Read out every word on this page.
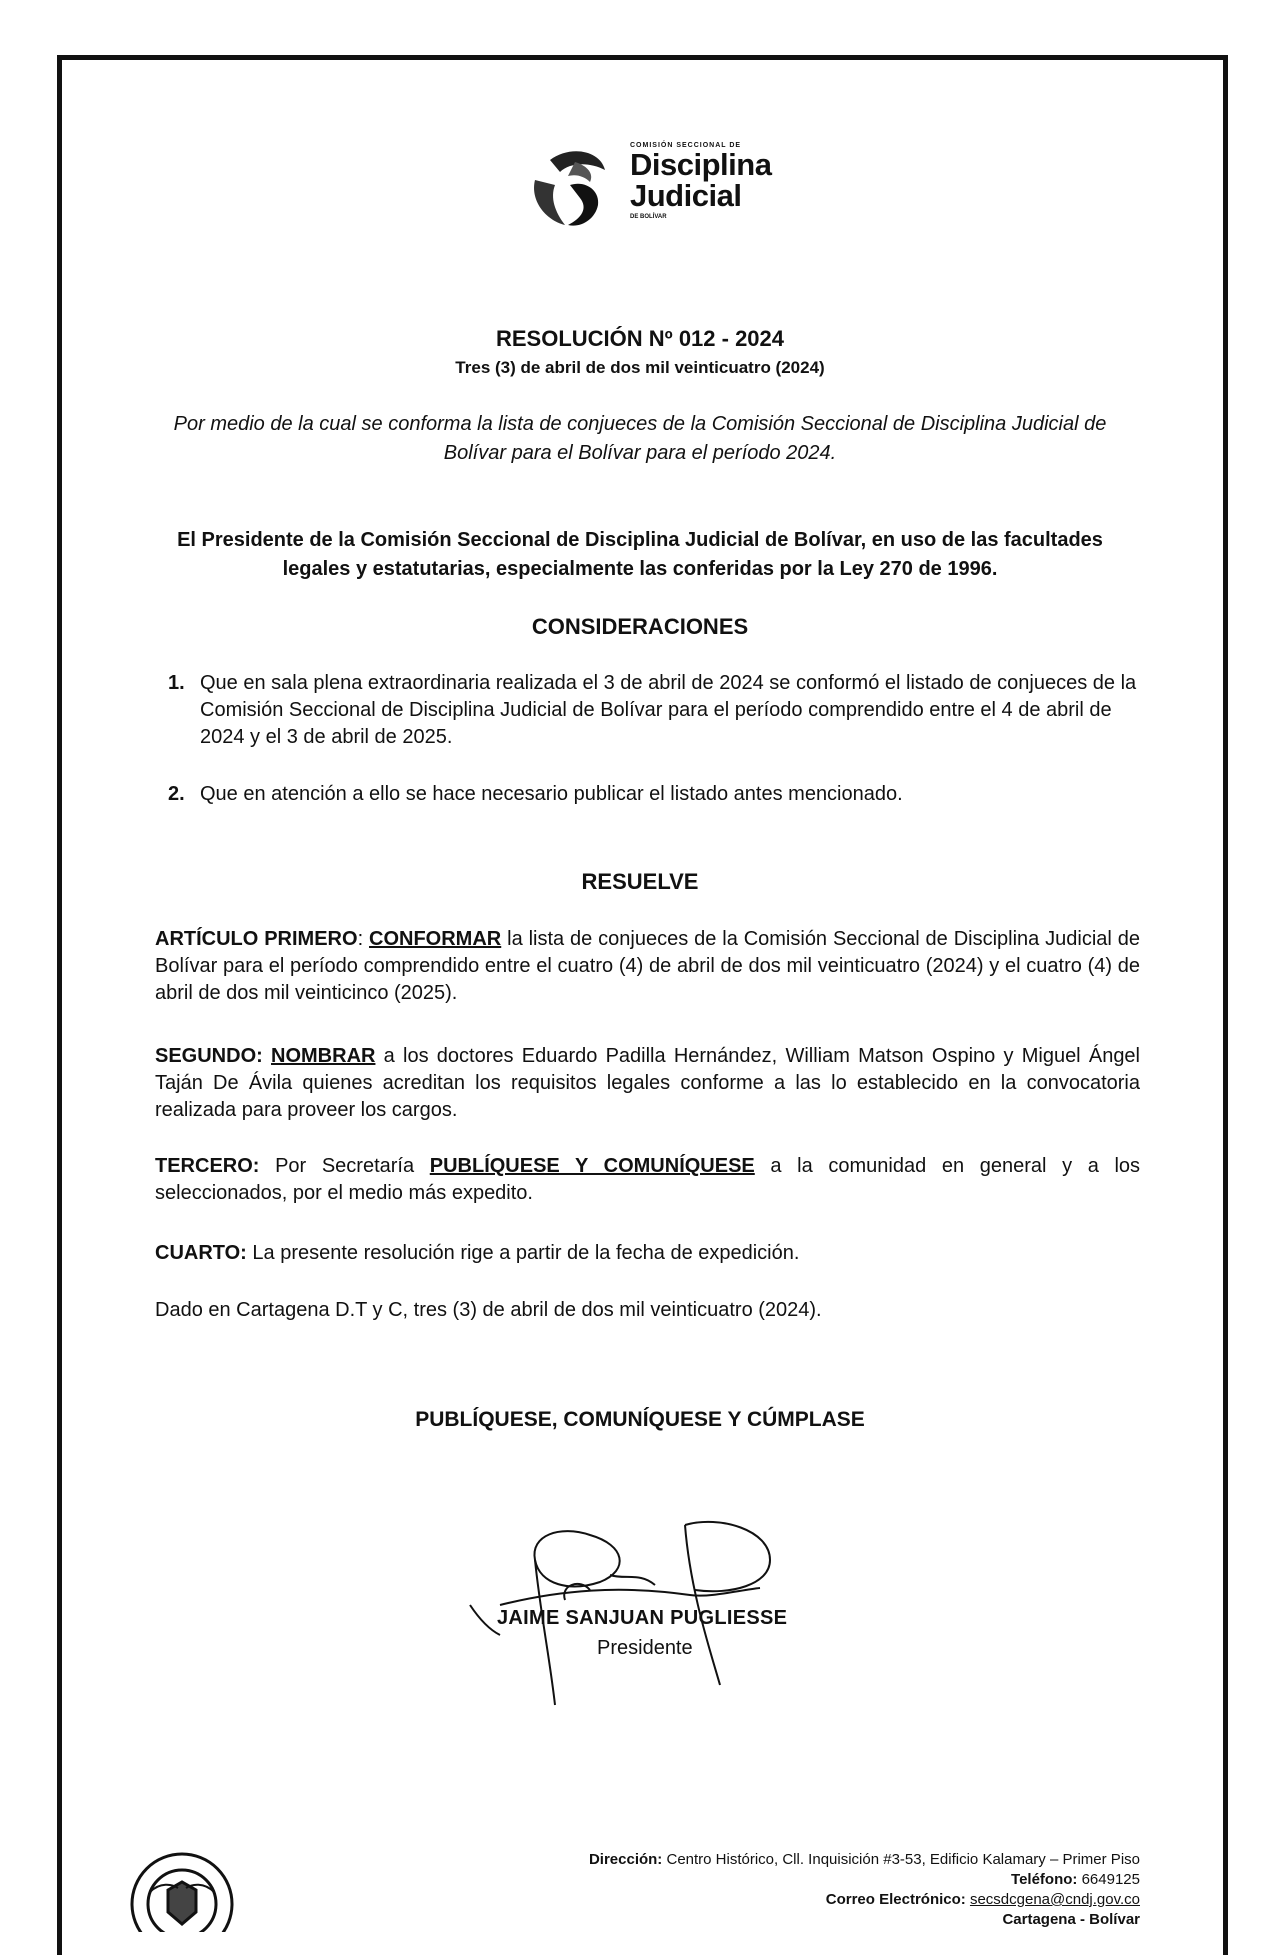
COMISIÓN SECCIONAL DE
Disciplina
Judicial
DE BOLÍVAR
RESOLUCIÓN Nº 012 - 2024
Tres (3) de abril de dos mil veinticuatro (2024)
Por medio de la cual se conforma la lista de conjueces de la Comisión Seccional de Disciplina Judicial de Bolívar para el Bolívar para el período 2024.
El Presidente de la Comisión Seccional de Disciplina Judicial de Bolívar, en uso de las facultades legales y estatutarias, especialmente las conferidas por la Ley 270 de 1996.
CONSIDERACIONES
1. Que en sala plena extraordinaria realizada el 3 de abril de 2024 se conformó el listado de conjueces de la Comisión Seccional de Disciplina Judicial de Bolívar para el período comprendido entre el 4 de abril de 2024 y el 3 de abril de 2025.
2. Que en atención a ello se hace necesario publicar el listado antes mencionado.
RESUELVE
ARTÍCULO PRIMERO: CONFORMAR la lista de conjueces de la Comisión Seccional de Disciplina Judicial de Bolívar para el período comprendido entre el cuatro (4) de abril de dos mil veinticuatro (2024) y el cuatro (4) de abril de dos mil veinticinco (2025).
SEGUNDO: NOMBRAR a los doctores Eduardo Padilla Hernández, William Matson Ospino y Miguel Ángel Taján De Ávila quienes acreditan los requisitos legales conforme a las lo establecido en la convocatoria realizada para proveer los cargos.
TERCERO: Por Secretaría PUBLÍQUESE Y COMUNÍQUESE a la comunidad en general y a los seleccionados, por el medio más expedito.
CUARTO: La presente resolución rige a partir de la fecha de expedición.
Dado en Cartagena D.T y C, tres (3) de abril de dos mil veinticuatro (2024).
PUBLÍQUESE, COMUNÍQUESE Y CÚMPLASE
JAIME SANJUAN PUGLIESSE
Presidente
Dirección: Centro Histórico, Cll. Inquisición #3-53, Edificio Kalamary – Primer Piso
Teléfono: 6649125
Correo Electrónico: secsdcgena@cndj.gov.co
Cartagena - Bolívar
